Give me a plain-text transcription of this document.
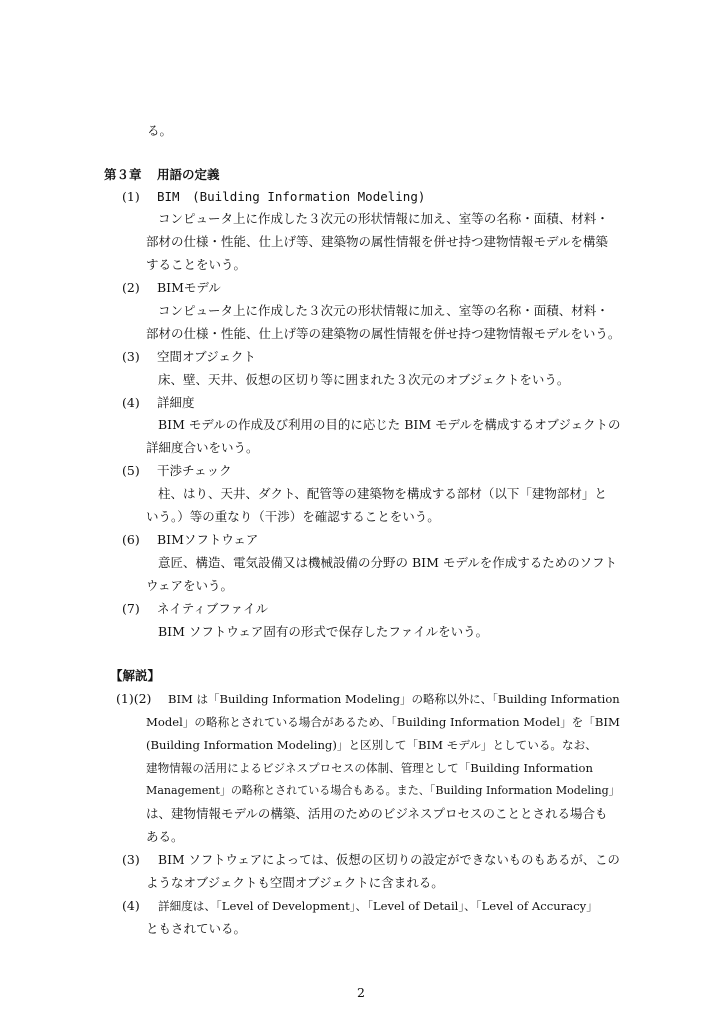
る。
第３章 用語の定義
(1) BIM　(Building Information Modeling)
コンピュータ上に作成した３次元の形状情報に加え、室等の名称・面積、材料・
部材の仕様・性能、仕上げ等、建築物の属性情報を併せ持つ建物情報モデルを構築
することをいう。
(2) BIMモデル
コンピュータ上に作成した３次元の形状情報に加え、室等の名称・面積、材料・
部材の仕様・性能、仕上げ等の建築物の属性情報を併せ持つ建物情報モデルをいう。
(3) 空間オブジェクト
床、壁、天井、仮想の区切り等に囲まれた３次元のオブジェクトをいう。
(4) 詳細度
BIM モデルの作成及び利用の目的に応じた BIM モデルを構成するオブジェクトの
詳細度合いをいう。
(5) 干渉チェック
柱、はり、天井、ダクト、配管等の建築物を構成する部材（以下「建物部材」と
いう。）等の重なり（干渉）を確認することをいう。
(6) BIMソフトウェア
意匠、構造、電気設備又は機械設備の分野の BIM モデルを作成するためのソフト
ウェアをいう。
(7) ネイティブファイル
BIM ソフトウェア固有の形式で保存したファイルをいう。
【解説】
(1)(2) BIM は「Building Information Modeling」の略称以外に、「Building Information
Model」の略称とされている場合があるため、「Building Information Model」を「BIM
(Building Information Modeling)」と区別して「BIM モデル」としている。なお、
建物情報の活用によるビジネスプロセスの体制、管理として「Building Information
Management」の略称とされている場合もある。また、「Building Information Modeling」
は、建物情報モデルの構築、活用のためのビジネスプロセスのこととされる場合も
ある。
(3) BIM ソフトウェアによっては、仮想の区切りの設定ができないものもあるが、この
ようなオブジェクトも空間オブジェクトに含まれる。
(4) 詳細度は、「Level of Development」、「Level of Detail」、「Level of Accuracy」
ともされている。
2
